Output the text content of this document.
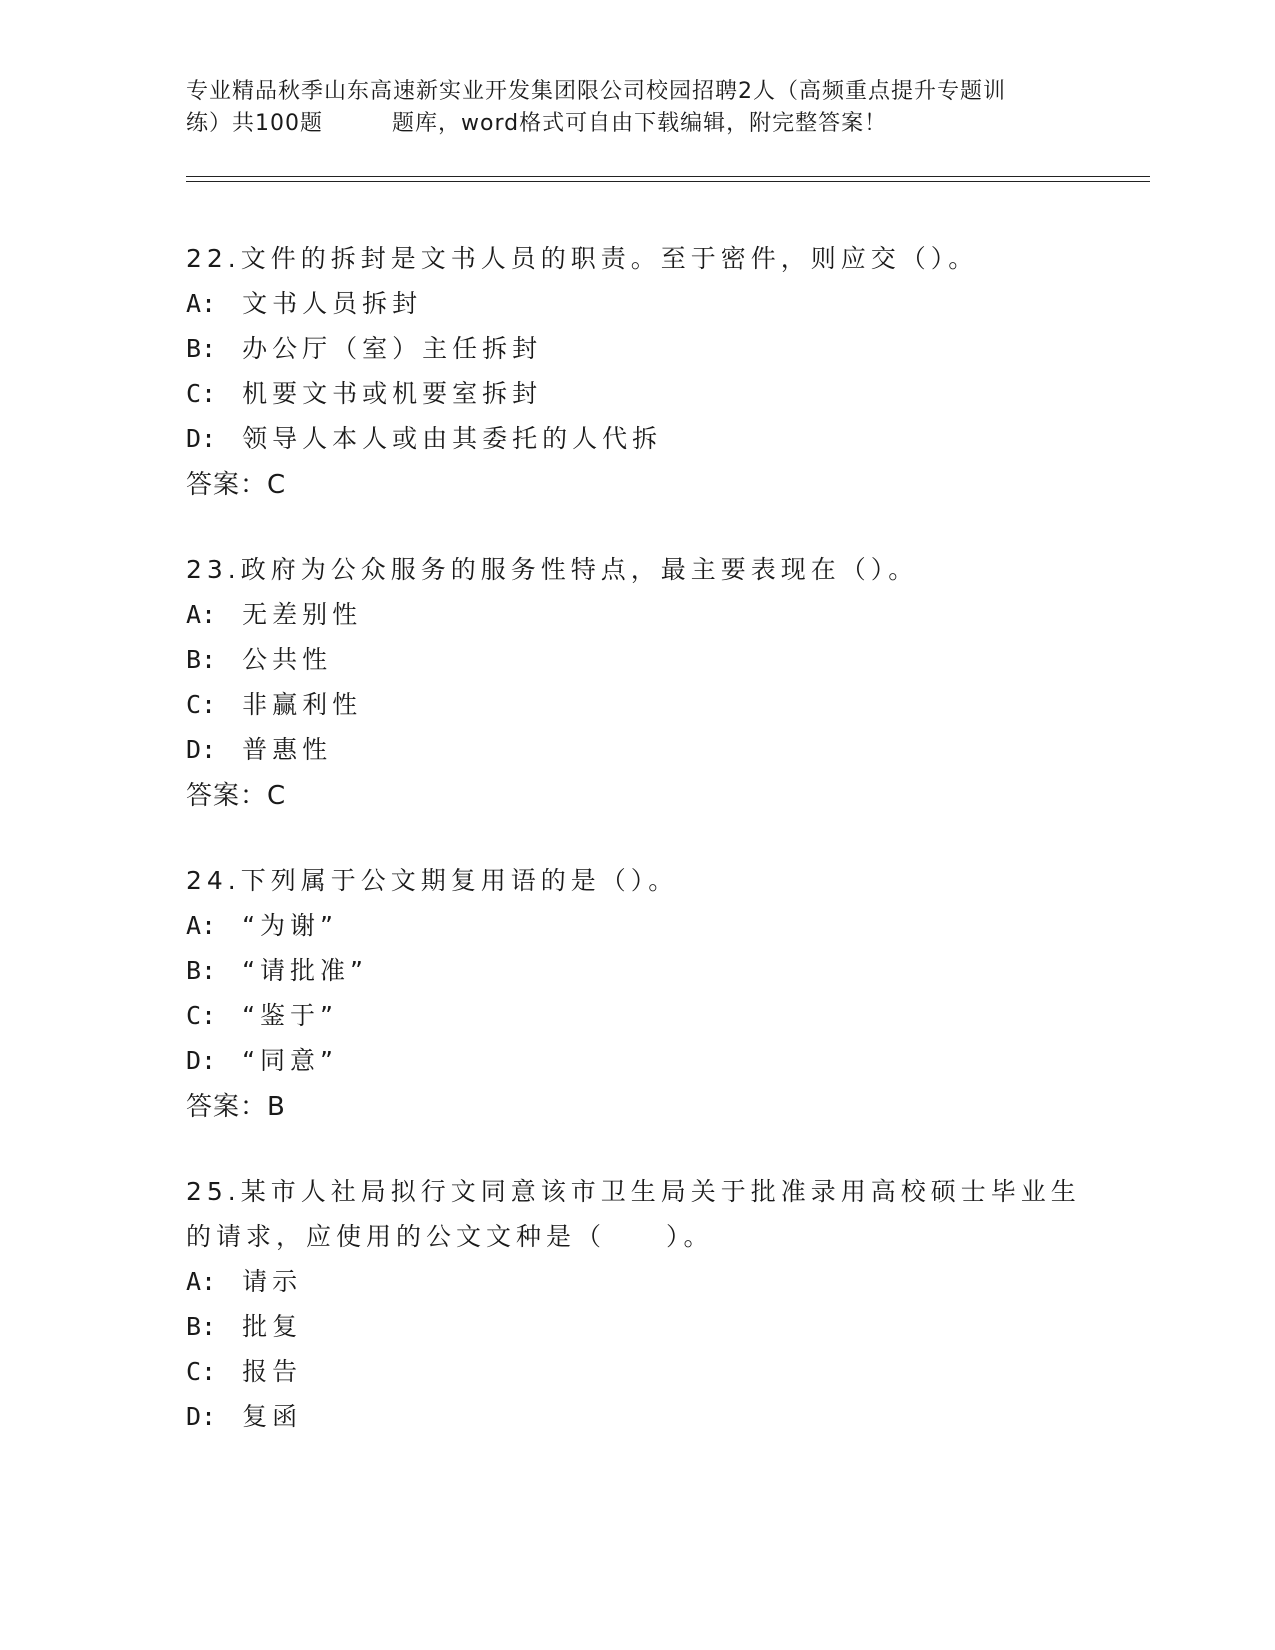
专业精品秋季山东高速新实业开发集团限公司校园招聘2人（高频重点提升专题训
练）共100题　　　题库，word格式可自由下载编辑，附完整答案！

22.文件的拆封是文书人员的职责。至于密件，则应交（）。

A: 文书人员拆封

B: 办公厅（室）主任拆封

C: 机要文书或机要室拆封

D: 领导人本人或由其委托的人代拆

答案：C

23.政府为公众服务的服务性特点，最主要表现在（）。

A: 无差别性

B: 公共性

C: 非赢利性

D: 普惠性

答案：C

24.下列属于公文期复用语的是（）。

A: “为谢”

B: “请批准”

C: “鉴于”

D: “同意”

答案：B

25.某市人社局拟行文同意该市卫生局关于批准录用高校硕士毕业生的请求，应使用的公文文种是（　　）。

A: 请示

B: 批复

C: 报告

D: 复函
